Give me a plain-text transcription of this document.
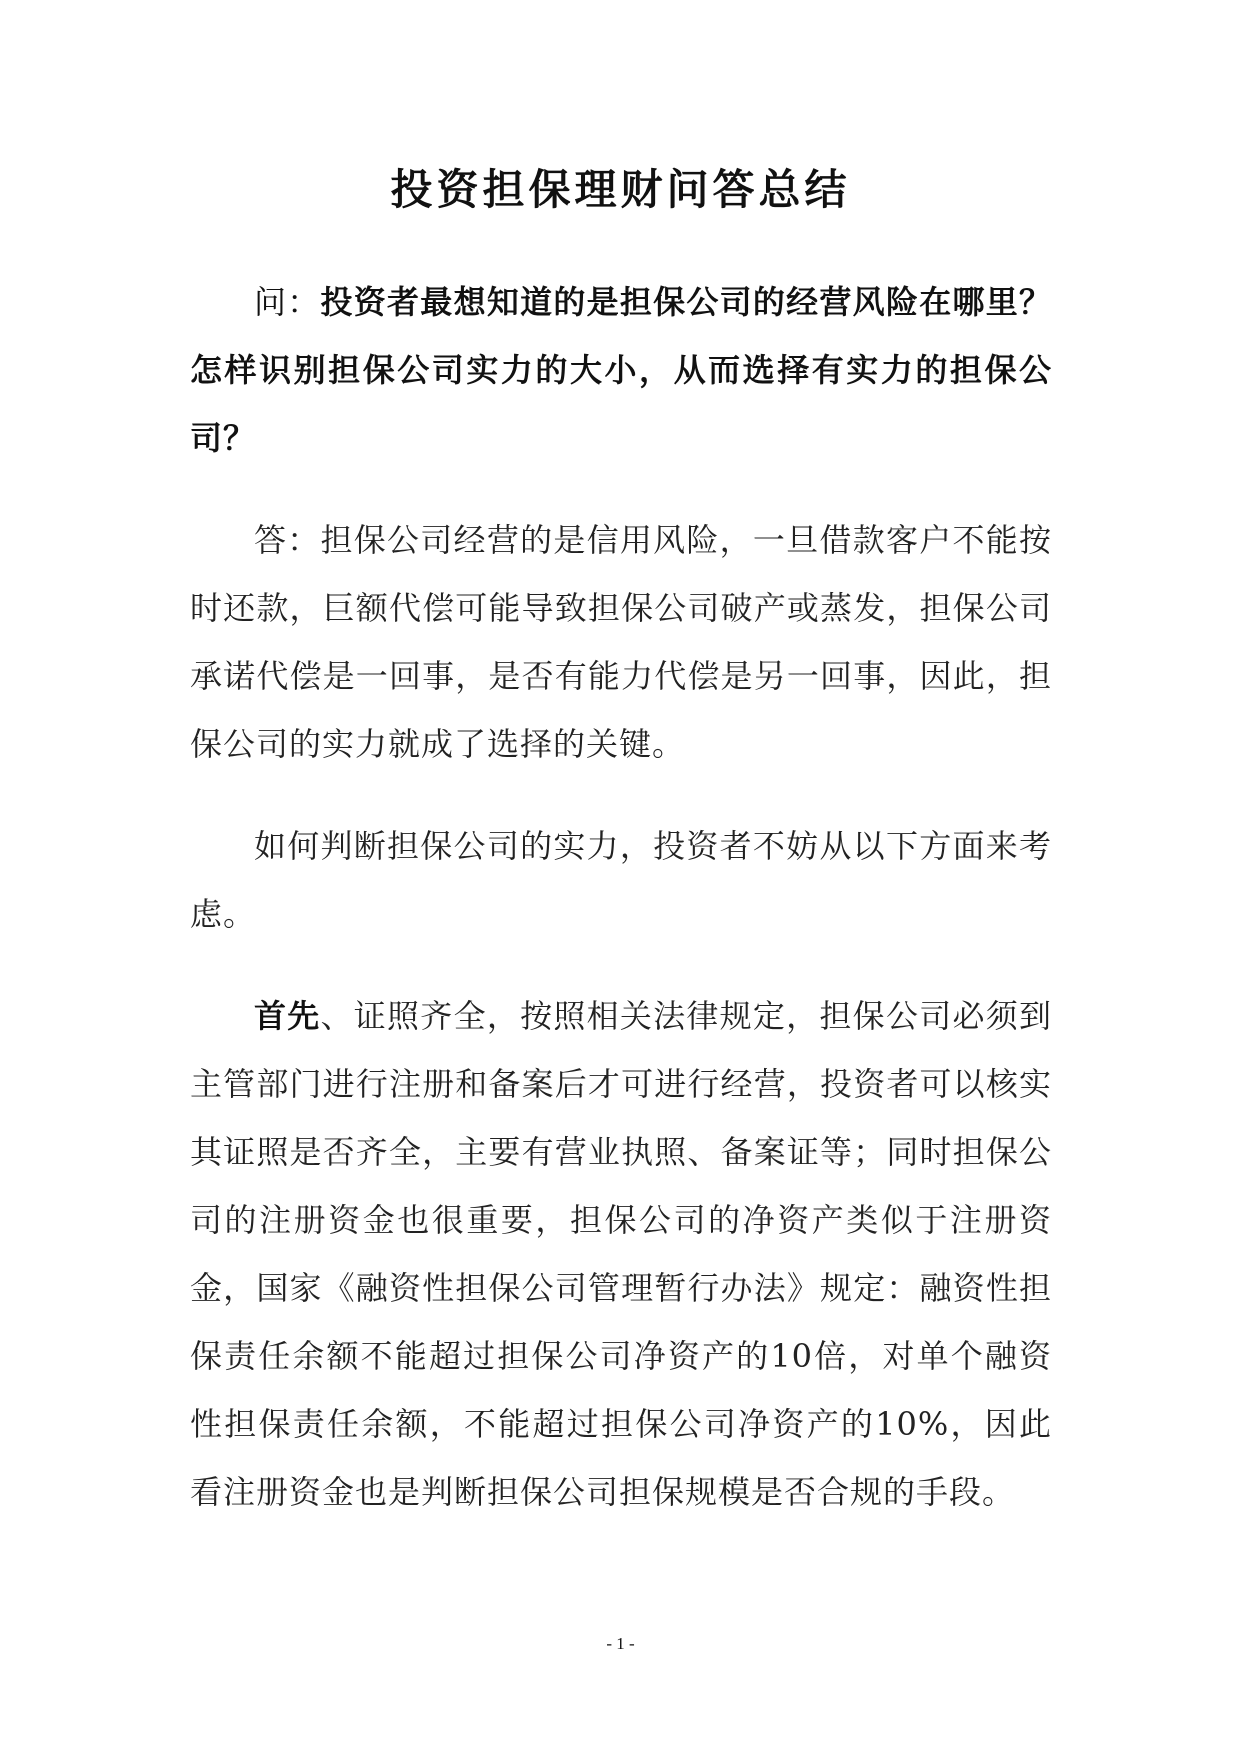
投资担保理财问答总结

问：投资者最想知道的是担保公司的经营风险在哪里？怎样识别担保公司实力的大小，从而选择有实力的担保公司？

答：担保公司经营的是信用风险，一旦借款客户不能按时还款，巨额代偿可能导致担保公司破产或蒸发，担保公司承诺代偿是一回事，是否有能力代偿是另一回事，因此，担保公司的实力就成了选择的关键。

如何判断担保公司的实力，投资者不妨从以下方面来考虑。

首先、证照齐全，按照相关法律规定，担保公司必须到主管部门进行注册和备案后才可进行经营，投资者可以核实其证照是否齐全，主要有营业执照、备案证等；同时担保公司的注册资金也很重要，担保公司的净资产类似于注册资金，国家《融资性担保公司管理暂行办法》规定：融资性担保责任余额不能超过担保公司净资产的10倍，对单个融资性担保责任余额，不能超过担保公司净资产的10%，因此看注册资金也是判断担保公司担保规模是否合规的手段。

- 1 -
